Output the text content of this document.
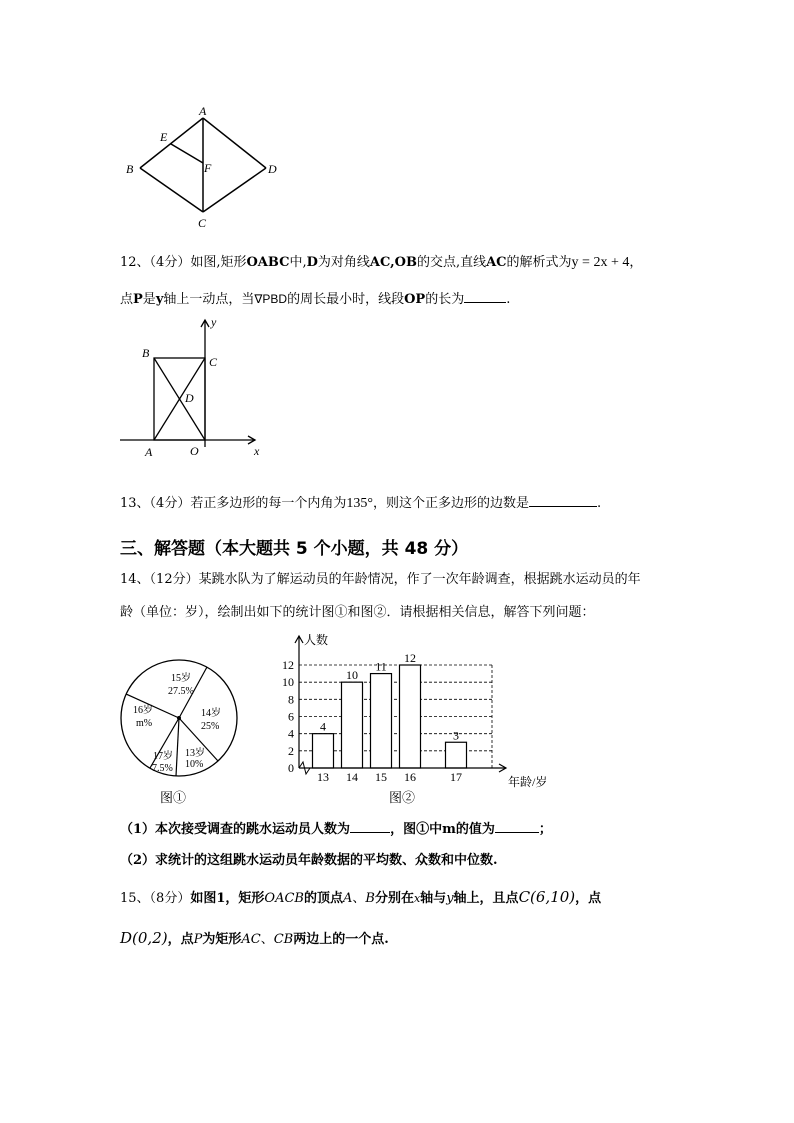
A
E
B	F	D
C
12、（4分）如图,矩形OABC中,D为对角线AC,OB的交点,直线AC的解析式为y = 2x + 4，
点P是y轴上一动点，当∇PBD的周长最小时，线段OP的长为	.
y
B
C
D
A	O	x
13、（4分）若正多边形的每一个内角为135°，则这个正多边形的边数是	.
三、解答题（本大题共 5 个小题，共 48 分）
14、（12分）某跳水队为了解运动员的年龄情况，作了一次年龄调查，根据跳水运动员的年
龄（单位：岁），绘制出如下的统计图①和图②．请根据相关信息，解答下列问题：
15岁
27.5%
14岁
25%
13岁
10%
17岁
7.5%
16岁
m%
图①
0
2
4
6
8
10
12
4
10
11
12
3
13 14 15 16	17
人数
年龄/岁
图②
（1）本次接受调查的跳水运动员人数为	，图①中m的值为	；
（2）求统计的这组跳水运动员年龄数据的平均数、众数和中位数.
15、（8分）如图1，矩形OACB的顶点A、B分别在x轴与y轴上，且点C(6,10)，点
D(0,2)，点P为矩形AC、CB两边上的一个点.
